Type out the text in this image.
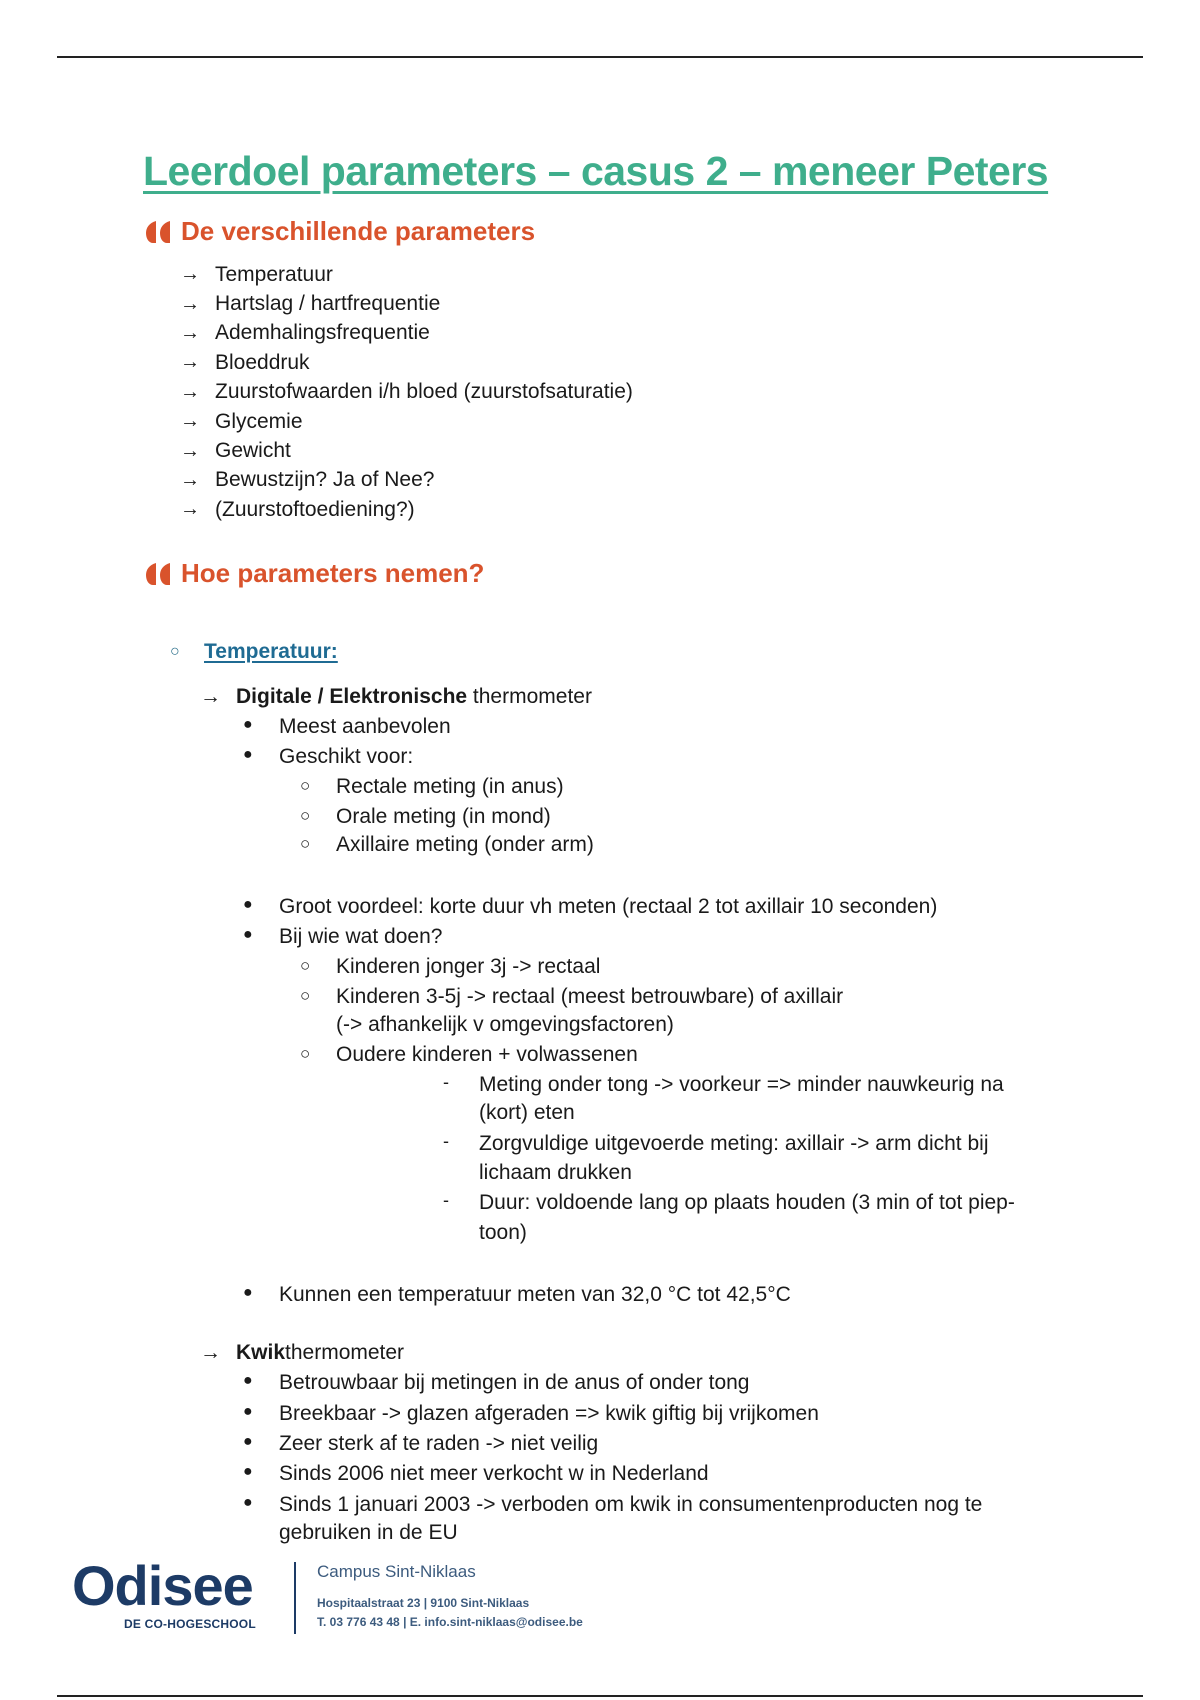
Leerdoel parameters – casus 2 – meneer Peters
De verschillende parameters
→ Temperatuur
→ Hartslag / hartfrequentie
→ Ademhalingsfrequentie
→ Bloeddruk
→ Zuurstofwaarden i/h bloed (zuurstofsaturatie)
→ Glycemie
→ Gewicht
→ Bewustzijn? Ja of Nee?
→ (Zuurstoftoediening?)
Hoe parameters nemen?
○	Temperatuur:
→ Digitale / Elektronische thermometer
● Meest aanbevolen
● Geschikt voor:
○ Rectale meting (in anus)
○ Orale meting (in mond)
○ Axillaire meting (onder arm)
● Groot voordeel: korte duur vh meten (rectaal 2 tot axillair 10 seconden)
● Bij wie wat doen?
○ Kinderen jonger 3j -> rectaal
○ Kinderen 3-5j -> rectaal (meest betrouwbare) of axillair
(-> afhankelijk v omgevingsfactoren)
○ Oudere kinderen + volwassenen
- Meting onder tong -> voorkeur => minder nauwkeurig na
(kort) eten
- Zorgvuldige uitgevoerde meting: axillair -> arm dicht bij
lichaam drukken
- Duur: voldoende lang op plaats houden (3 min of tot piep-
toon)
● Kunnen een temperatuur meten van 32,0 °C tot 42,5°C
→ Kwikthermometer
● Betrouwbaar bij metingen in de anus of onder tong
● Breekbaar -> glazen afgeraden => kwik giftig bij vrijkomen
● Zeer sterk af te raden -> niet veilig
● Sinds 2006 niet meer verkocht w in Nederland
● Sinds 1 januari 2003 -> verboden om kwik in consumentenproducten nog te
gebruiken in de EU
Odisee
DE CO-HOGESCHOOL
Campus Sint-Niklaas
Hospitaalstraat 23 | 9100 Sint-Niklaas
T. 03 776 43 48 | E. info.sint-niklaas@odisee.be
